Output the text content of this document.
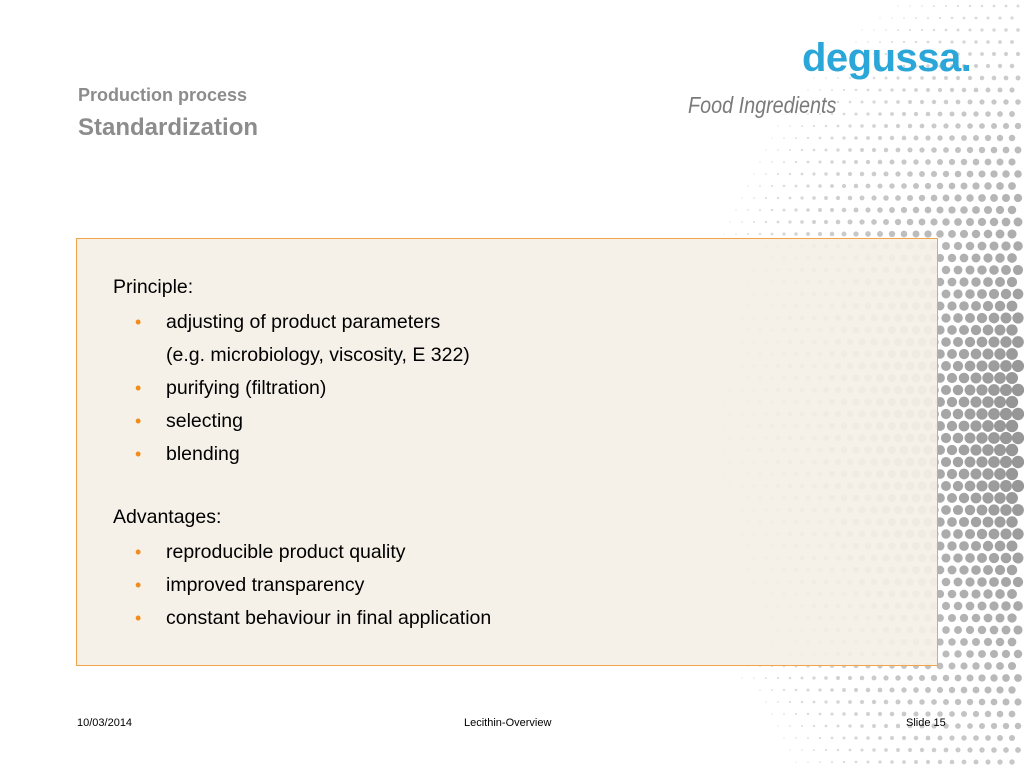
Production process
Standardization
degussa.
Food Ingredients
Principle:
• adjusting of product parameters
(e.g. microbiology, viscosity, E 322)
• purifying (filtration)
• selecting
• blending
Advantages:
• reproducible product quality
• improved transparency
• constant behaviour in final application
10/03/2014	Lecithin-Overview	Slide 15
